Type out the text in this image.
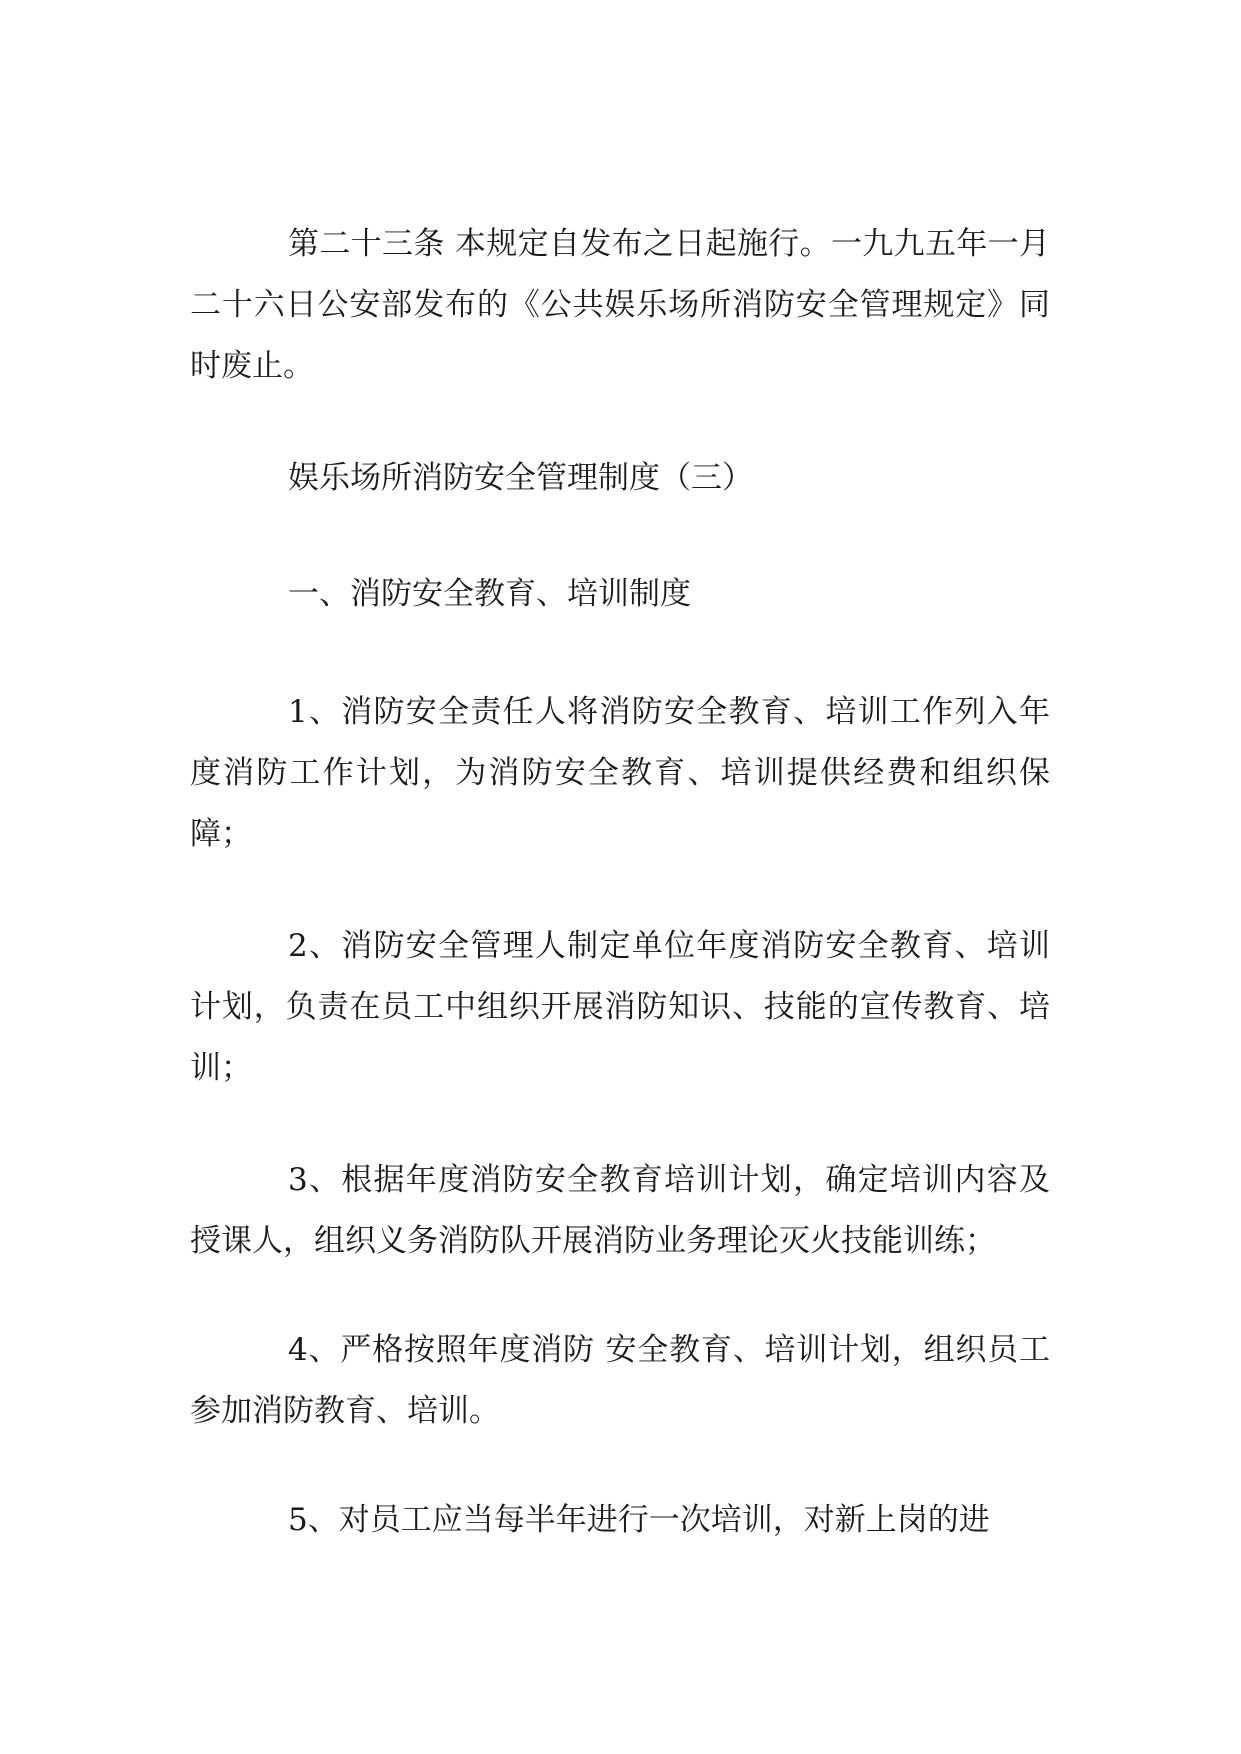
第二十三条 本规定自发布之日起施行。一九九五年一月二十六日公安部发布的《公共娱乐场所消防安全管理规定》同时废止。

娱乐场所消防安全管理制度（三）

一、消防安全教育、培训制度

1、消防安全责任人将消防安全教育、培训工作列入年度消防工作计划，为消防安全教育、培训提供经费和组织保障；

2、消防安全管理人制定单位年度消防安全教育、培训计划，负责在员工中组织开展消防知识、技能的宣传教育、培训；

3、根据年度消防安全教育培训计划，确定培训内容及授课人，组织义务消防队开展消防业务理论灭火技能训练；

4、严格按照年度消防 安全教育、培训计划，组织员工参加消防教育、培训。

5、对员工应当每半年进行一次培训，对新上岗的进
